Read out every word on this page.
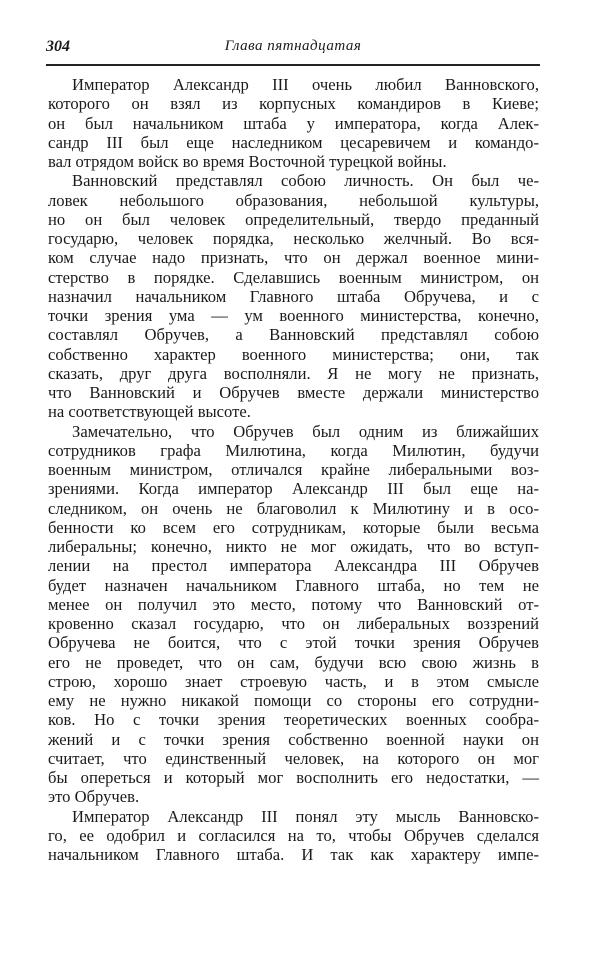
304	Глава пятнадцатая
Император Александр III очень любил Ванновского,
которого он взял из корпусных командиров в Киеве;
он был начальником штаба у императора, когда Алек-
сандр III был еще наследником цесаревичем и командо-
вал отрядом войск во время Восточной турецкой войны.
Ванновский представлял собою личность. Он был че-
ловек небольшого образования, небольшой культуры,
но он был человек определительный, твердо преданный
государю, человек порядка, несколько желчный. Во вся-
ком случае надо признать, что он держал военное мини-
стерство в порядке. Сделавшись военным министром, он
назначил начальником Главного штаба Обручева, и с
точки зрения ума — ум военного министерства, конечно,
составлял Обручев, а Ванновский представлял собою
собственно характер военного министерства; они, так
сказать, друг друга восполняли. Я не могу не признать,
что Ванновский и Обручев вместе держали министерство
на соответствующей высоте.
Замечательно, что Обручев был одним из ближайших
сотрудников графа Милютина, когда Милютин, будучи
военным министром, отличался крайне либеральными воз-
зрениями. Когда император Александр III был еще на-
следником, он очень не благоволил к Милютину и в осо-
бенности ко всем его сотрудникам, которые были весьма
либеральны; конечно, никто не мог ожидать, что во вступ-
лении на престол императора Александра III Обручев
будет назначен начальником Главного штаба, но тем не
менее он получил это место, потому что Ванновский от-
кровенно сказал государю, что он либеральных воззрений
Обручева не боится, что с этой точки зрения Обручев
его не проведет, что он сам, будучи всю свою жизнь в
строю, хорошо знает строевую часть, и в этом смысле
ему не нужно никакой помощи со стороны его сотрудни-
ков. Но с точки зрения теоретических военных сообра-
жений и с точки зрения собственно военной науки он
считает, что единственный человек, на которого он мог
бы опереться и который мог восполнить его недостатки, —
это Обручев.
Император Александр III понял эту мысль Ванновско-
го, ее одобрил и согласился на то, чтобы Обручев сделался
начальником Главного штаба. И так как характеру импе-
